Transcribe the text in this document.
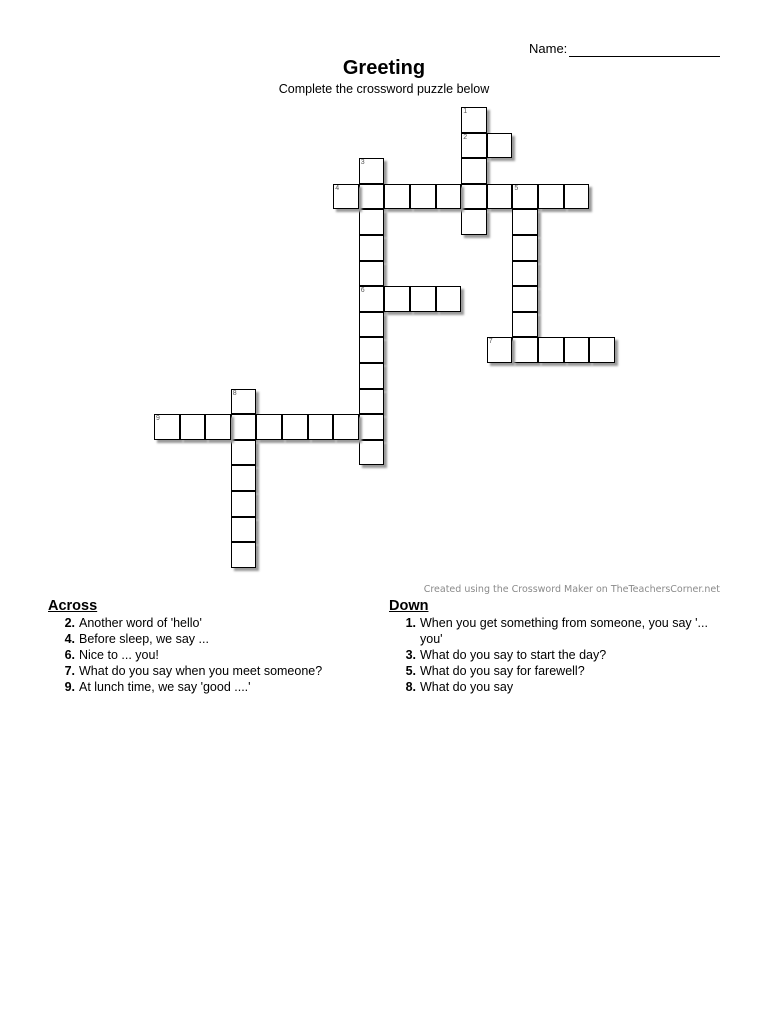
Name:
Greeting
Complete the crossword puzzle below
1
2
3
6
4	5
7
8
9
Created using the Crossword Maker on TheTeachersCorner.net
Across
2. Another word of 'hello'
4. Before sleep, we say ...
6. Nice to ... you!
7. What do you say when you meet someone?
9. At lunch time, we say 'good ....'
Down
1. When you get something from someone, you say '... you'
3. What do you say to start the day?
5. What do you say for farewell?
8. What do you say
